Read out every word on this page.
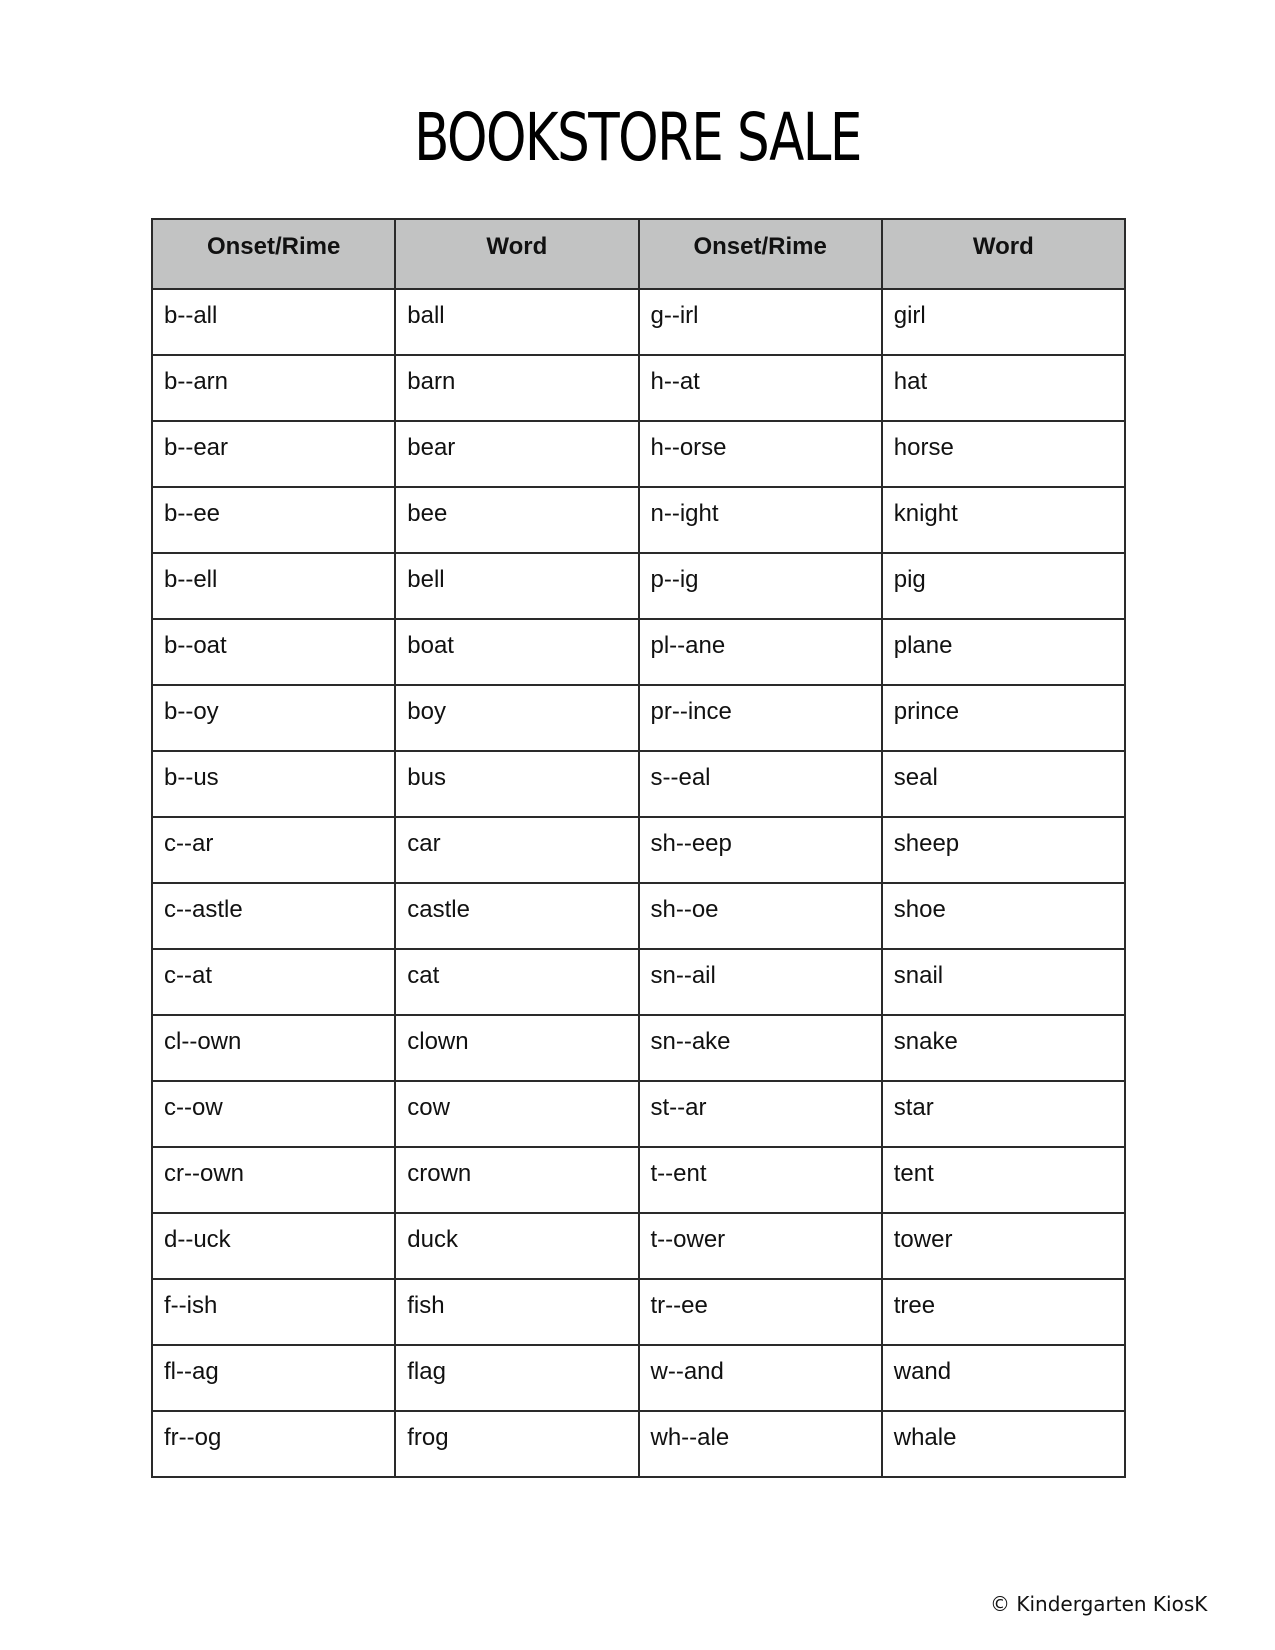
BOOKSTORE SALE
Onset/Rime	Word	Onset/Rime	Word
b--all	ball	g--irl	girl
b--arn	barn	h--at	hat
b--ear	bear	h--orse	horse
b--ee	bee	n--ight	knight
b--ell	bell	p--ig	pig
b--oat	boat	pl--ane	plane
b--oy	boy	pr--ince	prince
b--us	bus	s--eal	seal
c--ar	car	sh--eep	sheep
c--astle	castle	sh--oe	shoe
c--at	cat	sn--ail	snail
cl--own	clown	sn--ake	snake
c--ow	cow	st--ar	star
cr--own	crown	t--ent	tent
d--uck	duck	t--ower	tower
f--ish	fish	tr--ee	tree
fl--ag	flag	w--and	wand
fr--og	frog	wh--ale	whale
© Kindergarten KiosK
